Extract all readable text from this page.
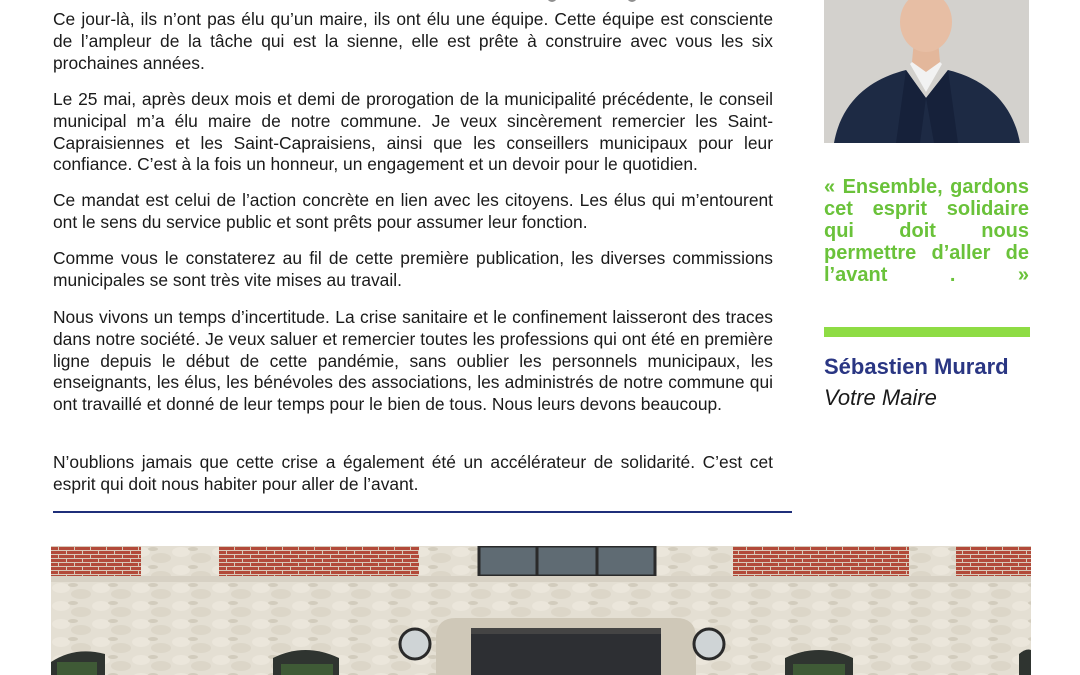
Ce jour-là, ils n’ont pas élu qu’un maire, ils ont élu une équipe. Cette équipe est consciente de l’ampleur de la tâche qui est la sienne, elle est prête à construire avec vous les six prochaines années.

Le 25 mai, après deux mois et demi de prorogation de la municipalité précédente, le conseil municipal m’a élu maire de notre commune. Je veux sincèrement remercier les Saint-Capraisiennes et les Saint-Capraisiens, ainsi que les conseillers municipaux pour leur confiance. C’est à la fois un honneur, un engagement et un devoir pour le quotidien.

Ce mandat est celui de l’action concrète en lien avec les citoyens. Les élus qui m’entourent ont le sens du service public et sont prêts pour assumer leur fonction.

Comme vous le constaterez au fil de cette première publication, les diverses commissions municipales se sont très vite mises au travail.

Nous vivons un temps d’incertitude. La crise sanitaire et le confinement laisseront des traces dans notre société. Je veux saluer et remercier toutes les professions qui ont été en première ligne depuis le début de cette pandémie, sans oublier les personnels municipaux, les enseignants, les élus, les bénévoles des associations, les administrés de notre commune qui ont travaillé et donné de leur temps pour le bien de tous. Nous leurs devons beaucoup.

N’oublions jamais que cette crise a également été un accélérateur de solidarité. C’est cet esprit qui doit nous habiter pour aller de l’avant.

« Ensemble, gardons cet esprit solidaire qui doit nous permettre d’aller de l’avant . »
Sébastien Murard
Votre Maire
